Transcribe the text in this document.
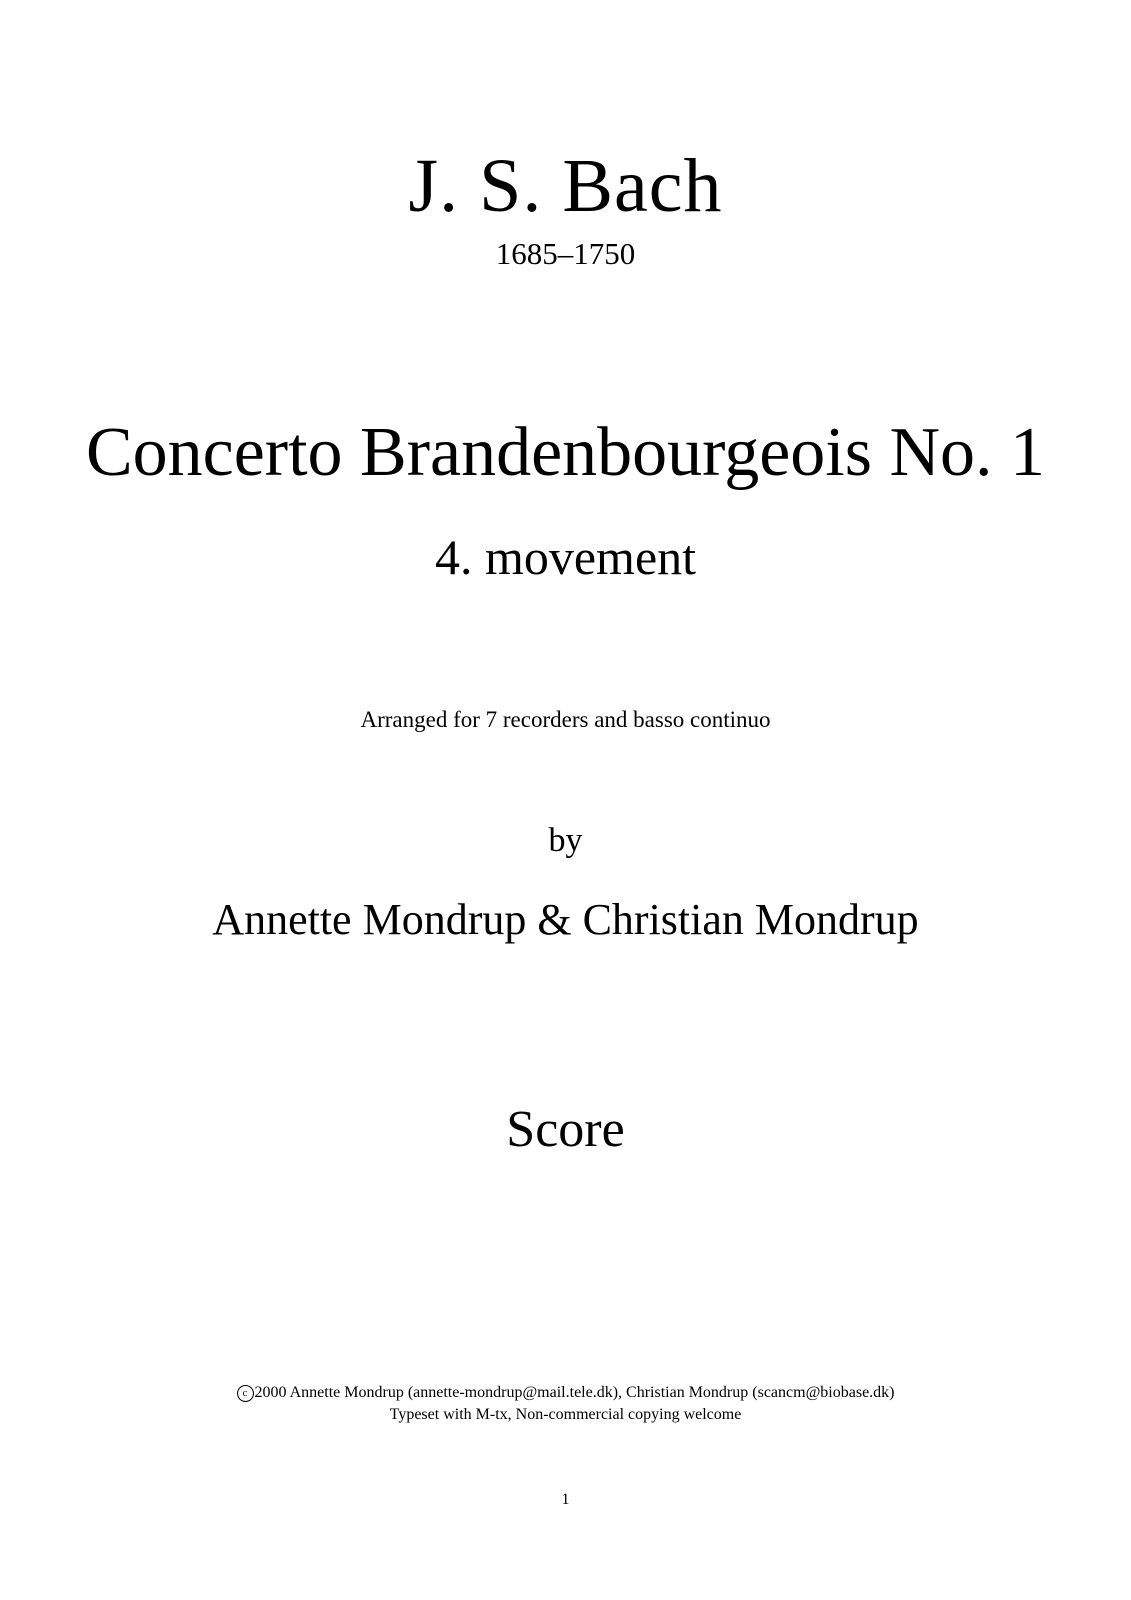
J. S. Bach
1685–1750
Concerto Brandenbourgeois No. 1
4. movement
Arranged for 7 recorders and basso continuo
by
Annette Mondrup & Christian Mondrup
Score
c 2000 Annette Mondrup (annette-mondrup@mail.tele.dk), Christian Mondrup (scancm@biobase.dk)
Typeset with M-tx, Non-commercial copying welcome
1
